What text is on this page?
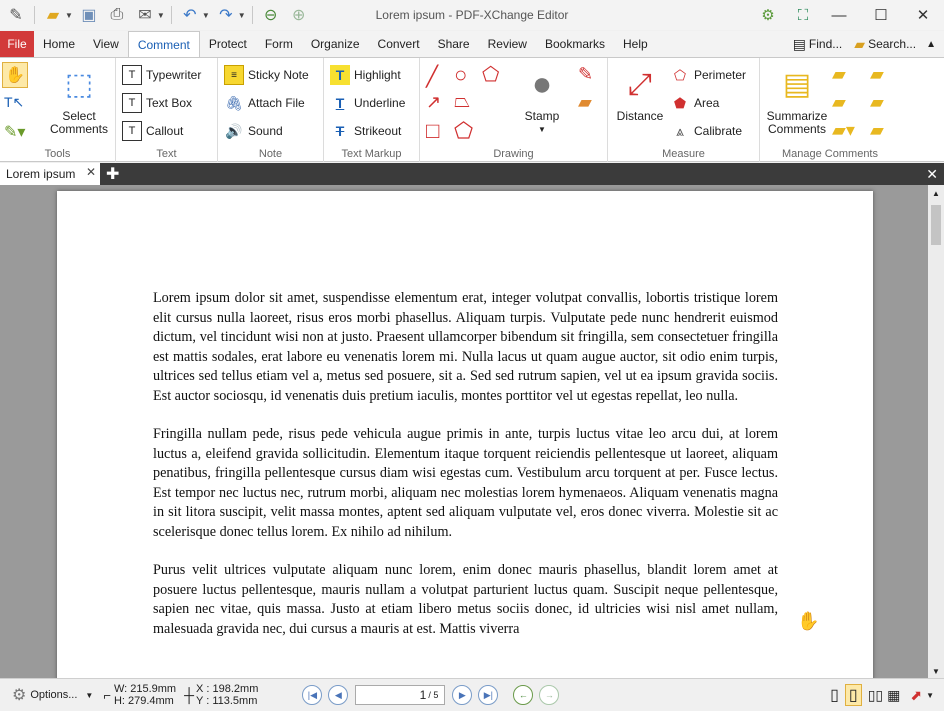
✎	▰ ▼ ▣ ⎙ ✉ ▼	↶ ▼ ↷ ▼	⊖ ⊕	Lorem ipsum - PDF-XChange Editor	⚙	⛶	—	☐	✕
File	Home	View	Comment	Protect	Form	Organize	Convert	Share	Review	Bookmarks	Help	▤ Find... ▰ Search... ▲
✋
T↖
✎▾
⬚
Select Comments
Tools
T Typewriter
T Text Box
T Callout
Text
≡ Sticky Note
🖇 Attach File
🔊 Sound
Note
T Highlight
T Underline
T Strikeout
Text Markup
╱ ○ ⬠
↗ ⏢
□ ⬠
●
Stamp
▼
✎
▰
Drawing
⤢
Distance
⬠ Perimeter
⬟ Area
⩓ Calibrate
Measure
▤
Summarize Comments
▰
▰
▰▾
▰
▰
▰
Manage Comments
Lorem ipsum ✕ ✚	✕

Lorem ipsum dolor sit amet, suspendisse elementum erat, integer volutpat convallis, lobortis tristique lorem elit cursus nulla laoreet, risus eros morbi phasellus. Aliquam turpis. Vulputate pede nunc hendrerit euismod dictum, vel tincidunt wisi non at justo. Praesent ullamcorper bibendum sit fringilla, sem consectetuer fringilla est mattis sodales, erat labore eu venenatis lorem mi. Nulla lacus ut quam augue auctor, sit odio enim turpis, ultrices sed tellus etiam vel a, metus sed posuere, sit a. Sed sed rutrum sapien, vel ut ea ipsum gravida sociis. Est auctor sociosqu, id venenatis duis pretium iaculis, montes porttitor vel ut egestas repellat, leo nulla.

Fringilla nullam pede, risus pede vehicula augue primis in ante, turpis luctus vitae leo arcu dui, at lorem luctus a, eleifend gravida sollicitudin. Elementum itaque torquent reiciendis pellentesque ut laoreet, aliquam penatibus, fringilla pellentesque cursus diam wisi egestas cum. Vestibulum arcu torquent at per. Fusce lectus. Est tempor nec luctus nec, rutrum morbi, aliquam nec molestias lorem hymenaeos. Aliquam venenatis magna in sit litora suscipit, velit massa montes, aptent sed aliquam vulputate vel, eros donec viverra. Molestie sit ac scelerisque donec tellus lorem. Ex nihilo ad nihilum.

Purus velit ultrices vulputate aliquam nunc lorem, enim donec mauris phasellus, blandit lorem amet at posuere luctus pellentesque, mauris nullam a volutpat parturient luctus quam. Suscipit neque pellentesque, sapien nec vitae, quis massa. Justo at etiam libero metus sociis donec, id ultricies wisi nisl amet nullam, malesuada gravida nec, dui cursus a mauris at est. Mattis viverra

▲
▼
✋
⚙ Options... ▼ ⌐ W: 215.9mm
H: 279.4mm ┼ X : 198.2mm
Y : 113.5mm
|◀	◀	1 / 5	▶	▶|	←	→	▯ ▯ ▯▯ ▦ ⬈ ▼
